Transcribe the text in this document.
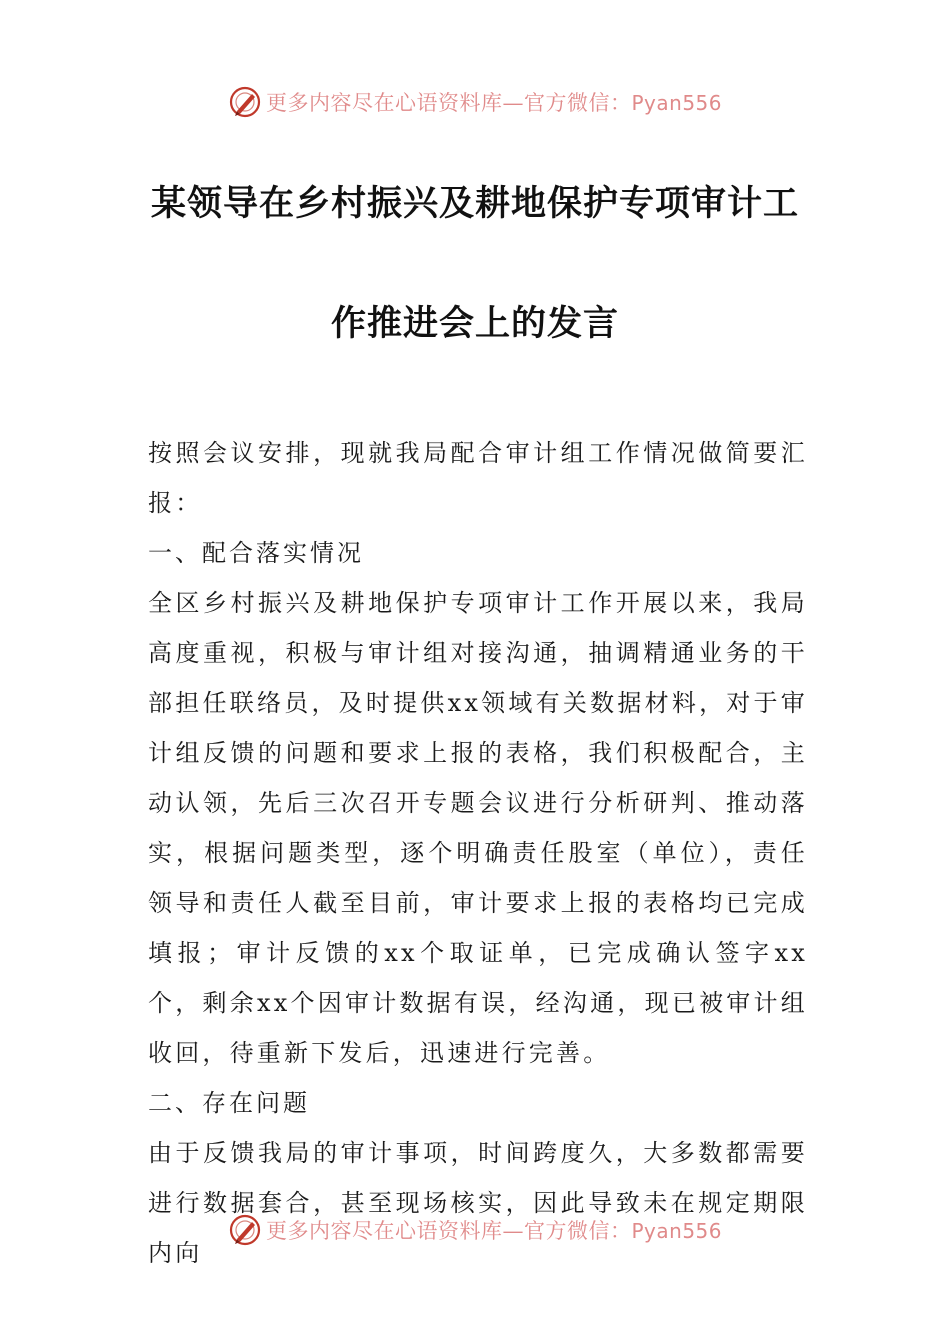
更多内容尽在心语资料库—官方微信：Pyan556
某领导在乡村振兴及耕地保护专项审计工
作推进会上的发言

按照会议安排，现就我局配合审计组工作情况做简要汇报：

一、配合落实情况

全区乡村振兴及耕地保护专项审计工作开展以来，我局高度重视，积极与审计组对接沟通，抽调精通业务的干部担任联络员，及时提供xx领域有关数据材料，对于审计组反馈的问题和要求上报的表格，我们积极配合，主动认领，先后三次召开专题会议进行分析研判、推动落实，根据问题类型，逐个明确责任股室（单位），责任领导和责任人截至目前，审计要求上报的表格均已完成填报；审计反馈的xx个取证单，已完成确认签字xx个，剩余xx个因审计数据有误，经沟通，现已被审计组收回，待重新下发后，迅速进行完善。

二、存在问题

由于反馈我局的审计事项，时间跨度久，大多数都需要进行数据套合，甚至现场核实，因此导致未在规定期限内向

更多内容尽在心语资料库—官方微信：Pyan556
